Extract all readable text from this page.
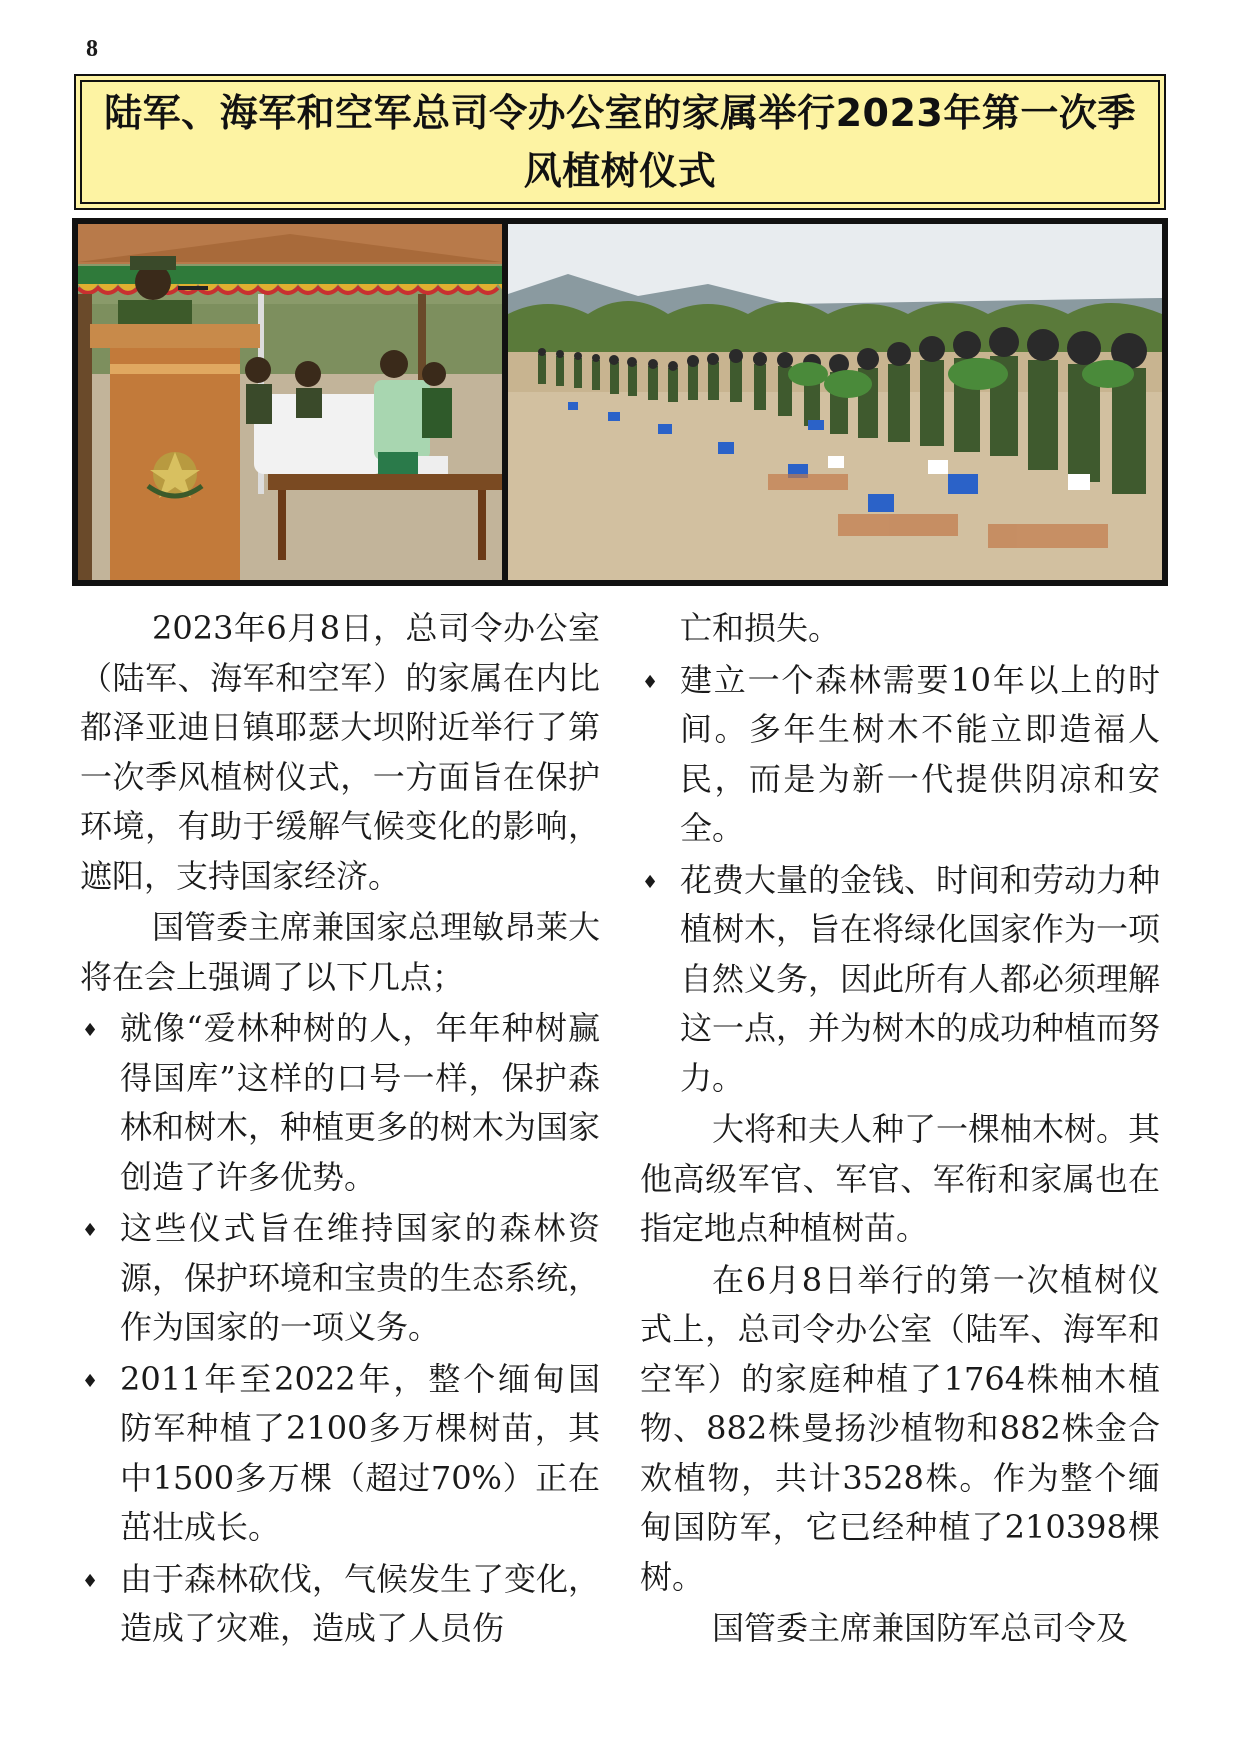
8
陆军、海军和空军总司令办公室的家属举行2023年第一次季风植树仪式

2023年6月8日，总司令办公室（陆军、海军和空军）的家属在内比都泽亚迪日镇耶瑟大坝附近举行了第一次季风植树仪式，一方面旨在保护环境，有助于缓解气候变化的影响，遮阳，支持国家经济。

国管委主席兼国家总理敏昂莱大将在会上强调了以下几点；

♦ 就像“爱林种树的人，年年种树赢得国库”这样的口号一样，保护森林和树木，种植更多的树木为国家创造了许多优势。
♦ 这些仪式旨在维持国家的森林资源，保护环境和宝贵的生态系统，作为国家的一项义务。
♦ 2011年至2022年，整个缅甸国防军种植了2100多万棵树苗，其中1500多万棵（超过70%）正在茁壮成长。
♦ 由于森林砍伐，气候发生了变化，造成了灾难，造成了人员伤

亡和损失。

♦ 建立一个森林需要10年以上的时间。多年生树木不能立即造福人民，而是为新一代提供阴凉和安全。
♦ 花费大量的金钱、时间和劳动力种植树木，旨在将绿化国家作为一项自然义务，因此所有人都必须理解这一点，并为树木的成功种植而努力。

大将和夫人种了一棵柚木树。其他高级军官、军官、军衔和家属也在指定地点种植树苗。

在6月8日举行的第一次植树仪式上，总司令办公室（陆军、海军和空军）的家庭种植了1764株柚木植物、882株曼扬沙植物和882株金合欢植物，共计3528株。作为整个缅甸国防军，它已经种植了210398棵树。

国管委主席兼国防军总司令及
